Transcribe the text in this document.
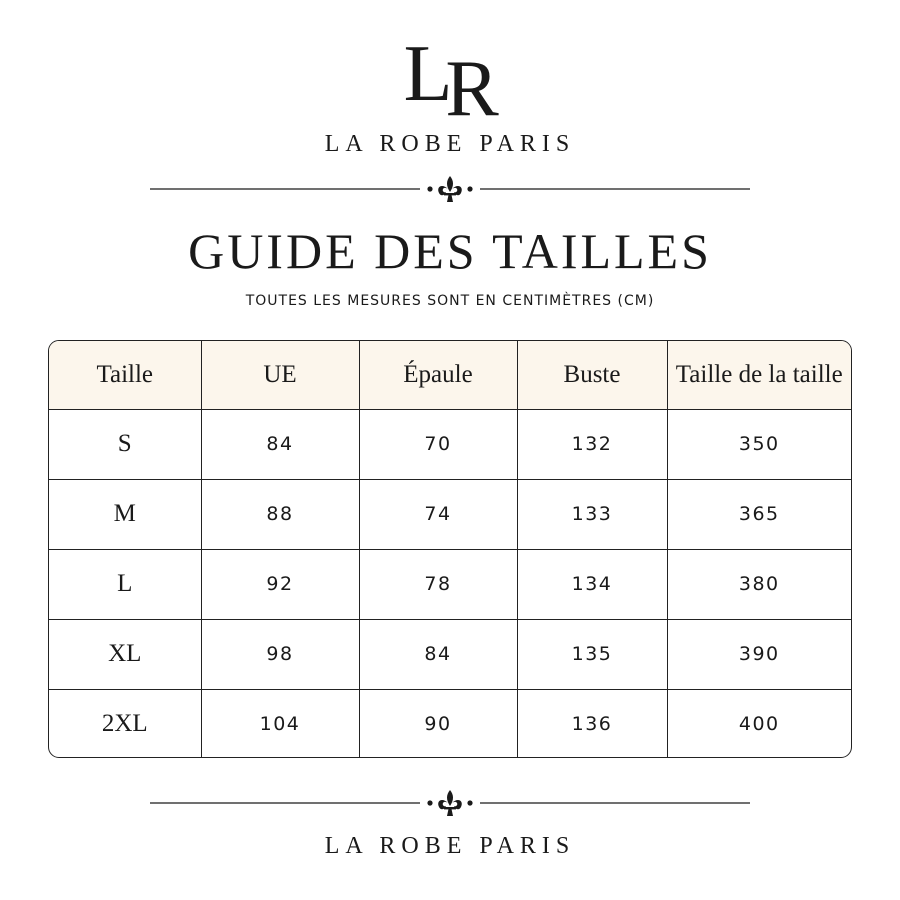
L
R
LA ROBE PARIS
GUIDE DES TAILLES
TOUTES LES MESURES SONT EN CENTIMÈTRES (CM)
Taille	UE	Épaule	Buste	Taille de la taille
S	84	70	132	350
M	88	74	133	365
L	92	78	134	380
XL	98	84	135	390
2XL	104	90	136	400
LA ROBE PARIS
